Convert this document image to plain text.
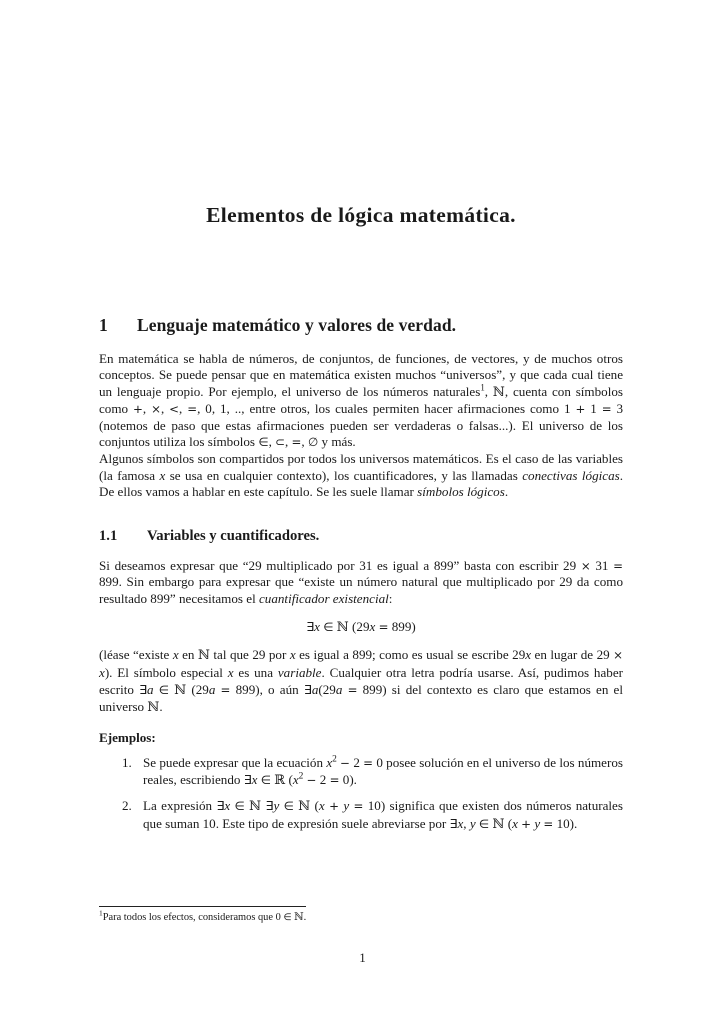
Elementos de lógica matemática.
1	Lenguaje matemático y valores de verdad.

En matemática se habla de números, de conjuntos, de funciones, de vectores, y de muchos otros conceptos. Se puede pensar que en matemática existen muchos “universos”, y que cada cual tiene un lenguaje propio. Por ejemplo, el universo de los números naturales$^1$, ℕ, cuenta con símbolos como +, ×, <, =, 0, 1, .., entre otros, los cuales permiten hacer afirmaciones como 1 + 1 = 3 (notemos de paso que estas afirmaciones pueden ser verdaderas o falsas...). El universo de los conjuntos utiliza los símbolos ∈, ⊂, =, ∅ y más.

Algunos símbolos son compartidos por todos los universos matemáticos. Es el caso de las variables (la famosa x se usa en cualquier contexto), los cuantificadores, y las llamadas conectivas lógicas. De ellos vamos a hablar en este capítulo. Se les suele llamar símbolos lógicos.

1.1	Variables y cuantificadores.

Si deseamos expresar que “29 multiplicado por 31 es igual a 899” basta con escribir 29 × 31 = 899. Sin embargo para expresar que “existe un número natural que multiplicado por 29 da como resultado 899” necesitamos el cuantificador existencial:

∃x ∈ ℕ (29x = 899)

(léase “existe x en ℕ tal que 29 por x es igual a 899; como es usual se escribe 29x en lugar de 29 × x). El símbolo especial x es una variable. Cualquier otra letra podría usarse. Así, pudimos haber escrito ∃a ∈ ℕ (29a = 899), o aún ∃a(29a = 899) si del contexto es claro que estamos en el universo ℕ.

Ejemplos:
1. Se puede expresar que la ecuación $x^2 - 2 = 0$ posee solución en el universo de los números reales, escribiendo ∃x ∈ ℝ $(x^2 - 2 = 0)$.
2. La expresión ∃x ∈ ℕ ∃y ∈ ℕ (x + y = 10) significa que existen dos números naturales que suman 10. Este tipo de expresión suele abreviarse por ∃x, y ∈ ℕ (x + y = 10).

$^1$Para todos los efectos, consideramos que 0 ∈ ℕ.

1
